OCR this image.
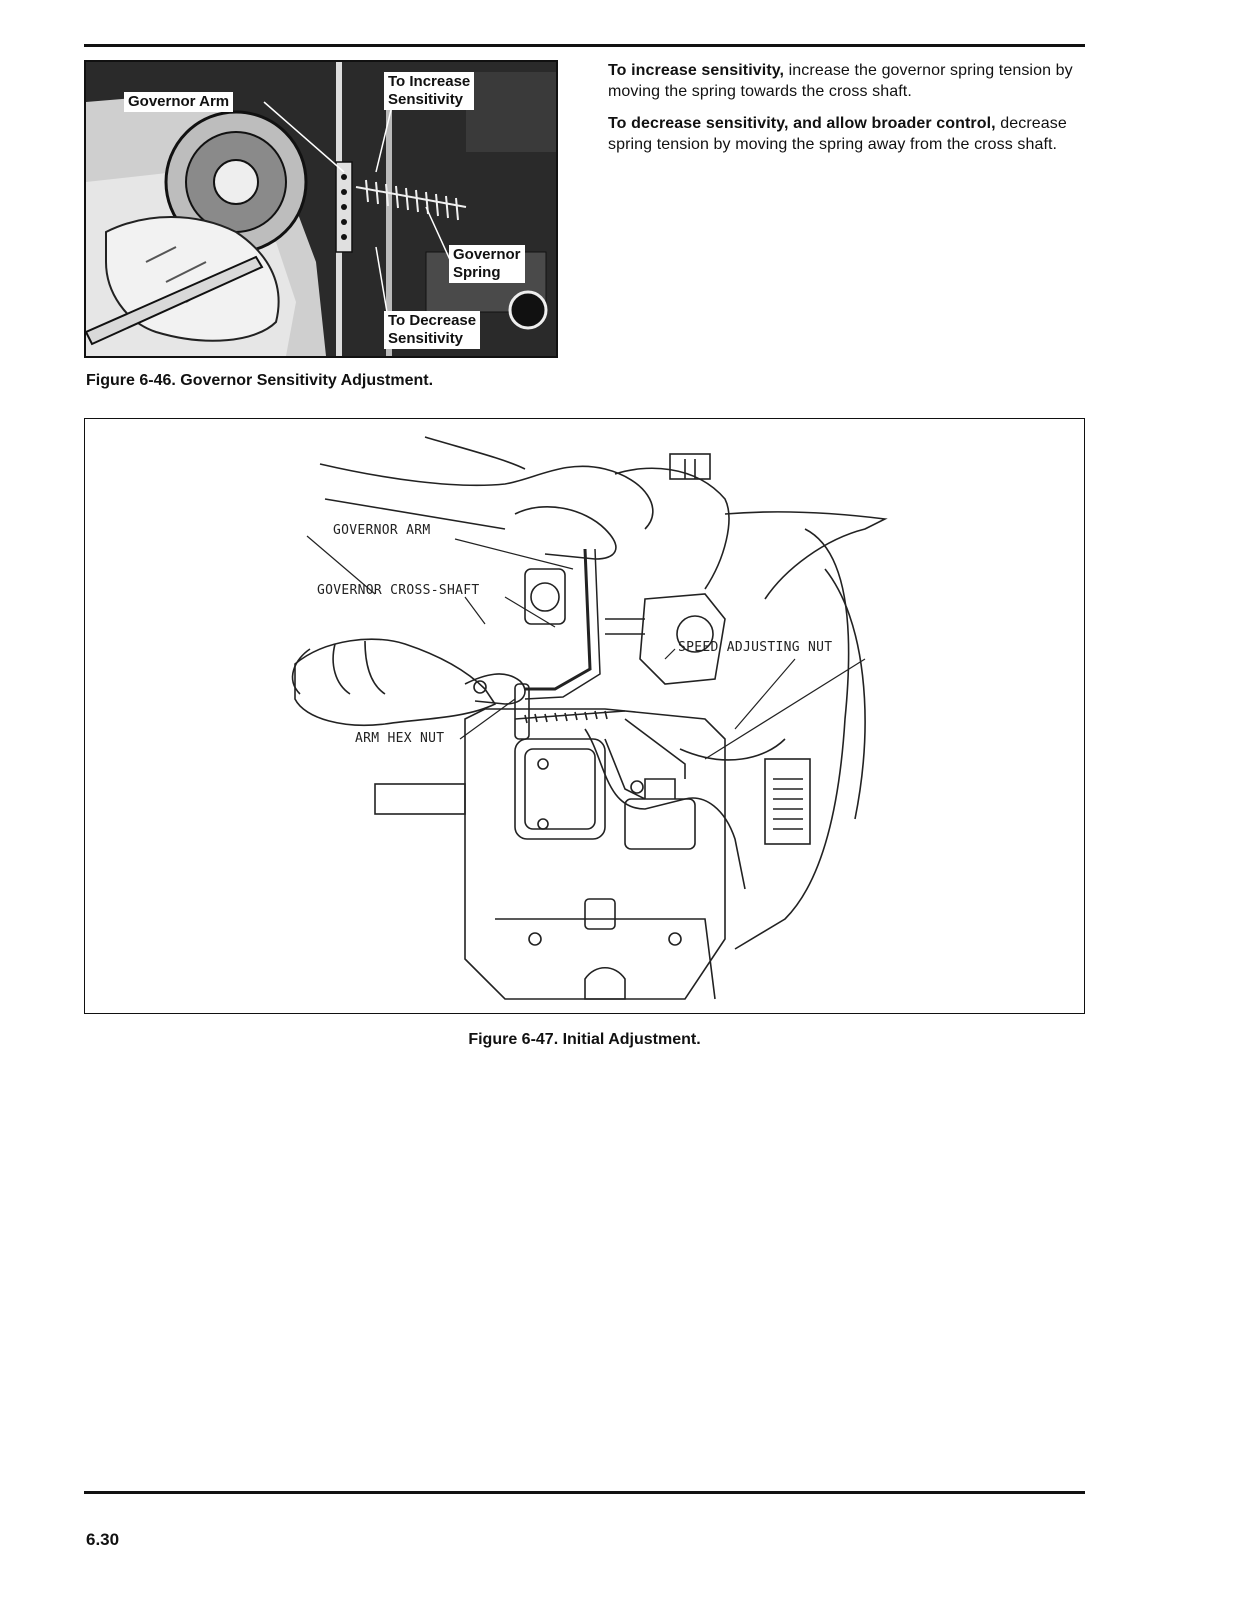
Governor Arm
To Increase
Sensitivity
Governor
Spring
To Decrease
Sensitivity
Figure 6-46. Governor Sensitivity Adjustment.

To increase sensitivity, increase the governor spring tension by moving the spring towards the cross shaft.

To decrease sensitivity, and allow broader control, decrease spring tension by moving the spring away from the cross shaft.

GOVERNOR ARM
GOVERNOR CROSS-SHAFT
SPEED ADJUSTING NUT
ARM HEX NUT
Figure 6-47. Initial Adjustment.
6.30
